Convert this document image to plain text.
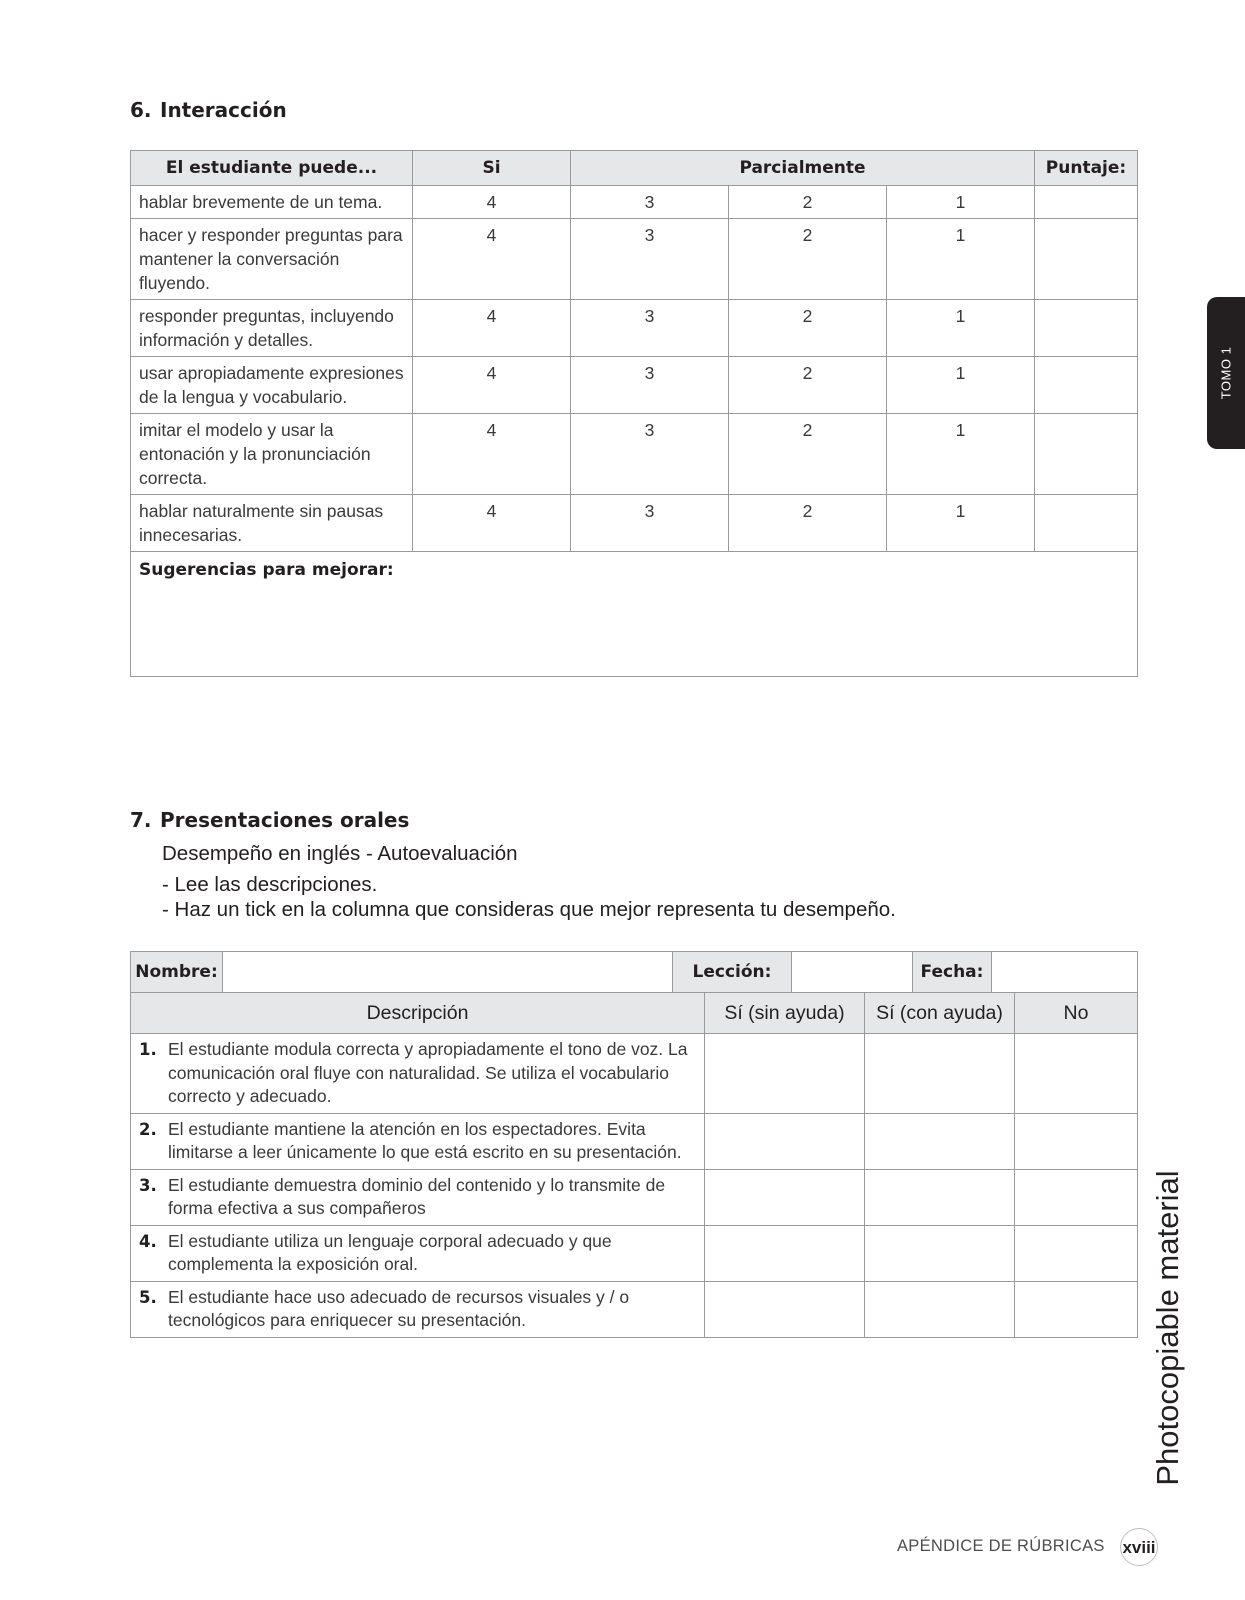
6. Interacción
El estudiante puede...	Si	Parcialmente			Puntaje:
hablar brevemente de un tema.	4	3	2	1	
hacer y responder preguntas para mantener la conversación fluyendo.	4	3	2	1	
responder preguntas, incluyendo información y detalles.	4	3	2	1	
usar apropiadamente expresiones de la lengua y vocabulario.	4	3	2	1	
imitar el modelo y usar la entonación y la pronunciación correcta.	4	3	2	1	
hablar naturalmente sin pausas innecesarias.	4	3	2	1	
Sugerencias para mejorar:					
7. Presentaciones orales
Desempeño en inglés - Autoevaluación
- Lee las descripciones.
- Haz un tick en la columna que consideras que mejor representa tu desempeño.
Nombre:		Lección:		Fecha:	
Descripción	Sí (sin ayuda)	Sí (con ayuda)	No

1. El estudiante modula correcta y apropiadamente el tono de voz. La comunicación oral fluye con naturalidad. Se utiliza el vocabulario correcto y adecuado.			

2. El estudiante mantiene la atención en los espectadores. Evita limitarse a leer únicamente lo que está escrito en su presentación.			

3. El estudiante demuestra dominio del contenido y lo transmite de forma efectiva a sus compañeros			

4. El estudiante utiliza un lenguaje corporal adecuado y que complementa la exposición oral.			

5. El estudiante hace uso adecuado de recursos visuales y / o tecnológicos para enriquecer su presentación.			

TOMO 1
Photocopiable material
APÉNDICE DE RÚBRICAS xviii
